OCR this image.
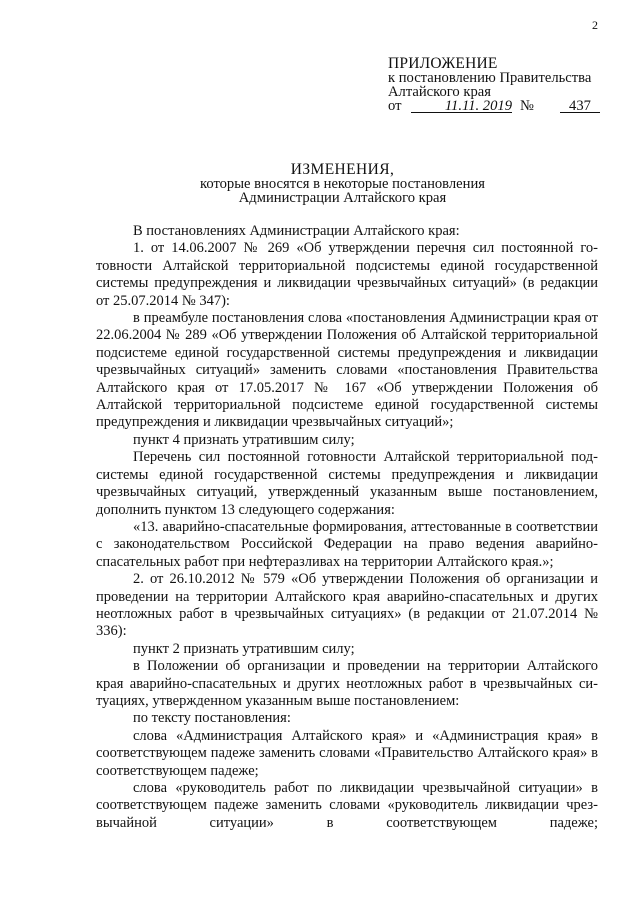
2
ПРИЛОЖЕНИЕ
к постановлению Правительства
Алтайского края
от	11.11. 2019 №	437
ИЗМЕНЕНИЯ,
которые вносятся в некоторые постановления
Администрации Алтайского края

В постановлениях Администрации Алтайского края:

1. от 14.06.2007 № 269 «Об утверждении перечня сил постоянной готовности Алтайской территориальной подсистемы единой государственной системы предупреждения и ликвидации чрезвычайных ситуаций» (в редакции от 25.07.2014 № 347):

в преамбуле постановления слова «постановления Администрации края от 22.06.2004 № 289 «Об утверждении Положения об Алтайской территориальной подсистеме единой государственной системы предупреждения и ликвидации чрезвычайных ситуаций» заменить словами «постановления Правительства Алтайского края от 17.05.2017 № 167 «Об утверждении Положения об Алтайской территориальной подсистеме единой государственной системы предупреждения и ликвидации чрезвычайных ситуаций»;

пункт 4 признать утратившим силу;

Перечень сил постоянной готовности Алтайской территориальной подсистемы единой государственной системы предупреждения и ликвидации чрезвычайных ситуаций, утвержденный указанным выше постановлением, дополнить пунктом 13 следующего содержания:

«13. аварийно-спасательные формирования, аттестованные в соответствии с законодательством Российской Федерации на право ведения аварийно-спасательных работ при нефтеразливах на территории Алтайского края.»;

2. от 26.10.2012 № 579 «Об утверждении Положения об организации и проведении на территории Алтайского края аварийно-спасательных и других неотложных работ в чрезвычайных ситуациях» (в редакции от 21.07.2014 № 336):

пункт 2 признать утратившим силу;

в Положении об организации и проведении на территории Алтайского края аварийно-спасательных и других неотложных работ в чрезвычайных ситуациях, утвержденном указанным выше постановлением:

по тексту постановления:

слова «Администрация Алтайского края» и «Администрация края» в соответствующем падеже заменить словами «Правительство Алтайского края» в соответствующем падеже;

слова «руководитель работ по ликвидации чрезвычайной ситуации» в соответствующем падеже заменить словами «руководитель ликвидации чрезвычайной ситуации» в соответствующем падеже;
